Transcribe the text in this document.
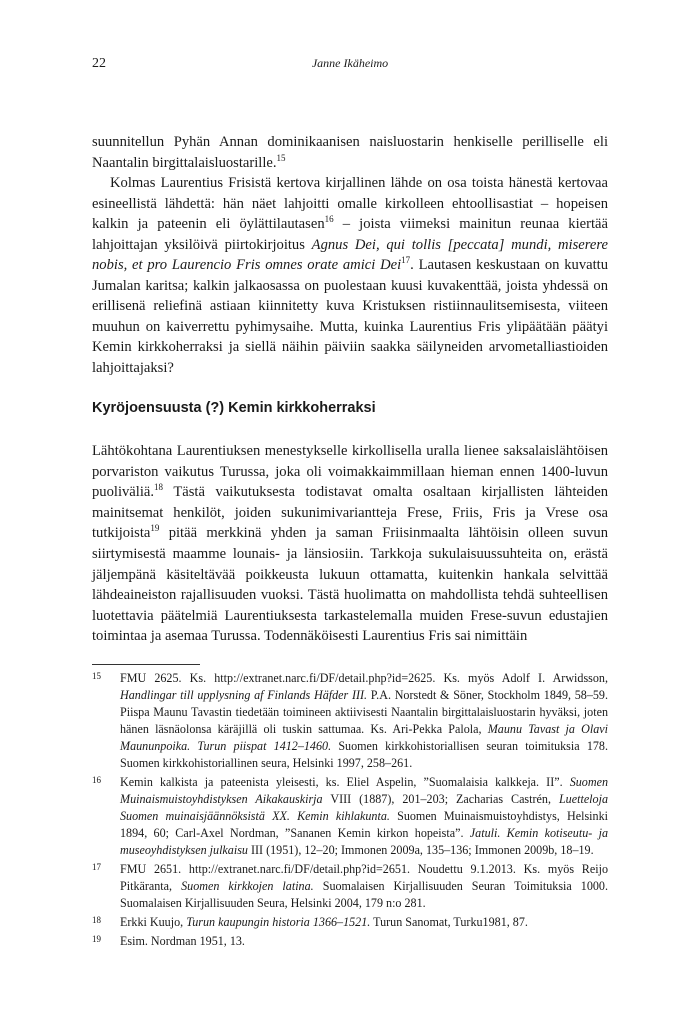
22	Janne Ikäheimo

suunnitellun Pyhän Annan dominikaanisen naisluostarin henkiselle perilliselle eli Naantalin birgittalaisluostarille.$^{15}$

Kolmas Laurentius Frisistä kertova kirjallinen lähde on osa toista hänestä kertovaa esineellistä lähdettä: hän näet lahjoitti omalle kirkolleen ehtoollisastiat – hopeisen kalkin ja pateenin eli öylättilautasen$^{16}$ – joista viimeksi mainitun reunaa kiertää lahjoittajan yksilöivä piirtokirjoitus Agnus Dei, qui tollis [peccata] mundi, miserere nobis, et pro Laurencio Fris omnes orate amici Dei$^{17}$. Lautasen keskustaan on kuvattu Jumalan karitsa; kalkin jalkaosassa on puolestaan kuusi kuvakenttää, joista yhdessä on erillisenä reliefinä astiaan kiinnitetty kuva Kristuksen ristiinnaulitsemisesta, viiteen muuhun on kaiverrettu pyhimysaihe. Mutta, kuinka Laurentius Fris ylipäätään päätyi Kemin kirkkoherraksi ja siellä näihin päiviin saakka säilyneiden arvometalliastioiden lahjoittajaksi?

Kyröjoensuusta (?) Kemin kirkkoherraksi
Lähtökohtana Laurentiuksen menestykselle kirkollisella uralla lienee saksalaislähtöisen porvariston vaikutus Turussa, joka oli voimakkaimmillaan hieman ennen 1400-luvun puoliväliä.$^{18}$ Tästä vaikutuksesta todistavat omalta osaltaan kirjallisten lähteiden mainitsemat henkilöt, joiden sukunimivariantteja Frese, Friis, Fris ja Vrese osa tutkijoista$^{19}$ pitää merkkinä yhden ja saman Friisinmaalta lähtöisin olleen suvun siirtymisestä maamme lounais- ja länsiosiin. Tarkkoja sukulaisuussuhteita on, erästä jäljempänä käsiteltävää poikkeusta lukuun ottamatta, kuitenkin hankala selvittää lähdeaineiston rajallisuuden vuoksi. Tästä huolimatta on mahdollista tehdä suhteellisen luotettavia päätelmiä Laurentiuksesta tarkastelemalla muiden Frese-suvun edustajien toimintaa ja asemaa Turussa. Todennäköisesti Laurentius Fris sai nimittäin
15 FMU 2625. Ks. http://extranet.narc.fi/DF/detail.php?id=2625. Ks. myös Adolf I. Arwidsson, Handlingar till upplysning af Finlands Häfder III. P.A. Norstedt & Söner, Stockholm 1849, 58–59. Piispa Maunu Tavastin tiedetään toimineen aktiivisesti Naantalin birgittalaisluostarin hyväksi, joten hänen läsnäolonsa käräjillä oli tuskin sattumaa. Ks. Ari-Pekka Palola, Maunu Tavast ja Olavi Maununpoika. Turun piispat 1412–1460. Suomen kirkkohistoriallisen seuran toimituksia 178. Suomen kirkkohistoriallinen seura, Helsinki 1997, 258–261.
16 Kemin kalkista ja pateenista yleisesti, ks. Eliel Aspelin, ”Suomalaisia kalkkeja. II”. Suomen Muinaismuistoyhdistyksen Aikakauskirja VIII (1887), 201–203; Zacharias Castrén, Luetteloja Suomen muinaisjäännöksistä XX. Kemin kihlakunta. Suomen Muinaismuistoyhdistys, Helsinki 1894, 60; Carl-Axel Nordman, ”Sananen Kemin kirkon hopeista”. Jatuli. Kemin kotiseutu- ja museoyhdistyksen julkaisu III (1951), 12–20; Immonen 2009a, 135–136; Immonen 2009b, 18–19.
17 FMU 2651. http://extranet.narc.fi/DF/detail.php?id=2651. Noudettu 9.1.2013. Ks. myös Reijo Pitkäranta, Suomen kirkkojen latina. Suomalaisen Kirjallisuuden Seuran Toimituksia 1000. Suomalaisen Kirjallisuuden Seura, Helsinki 2004, 179 n:o 281.
18 Erkki Kuujo, Turun kaupungin historia 1366–1521. Turun Sanomat, Turku1981, 87.
19 Esim. Nordman 1951, 13.
